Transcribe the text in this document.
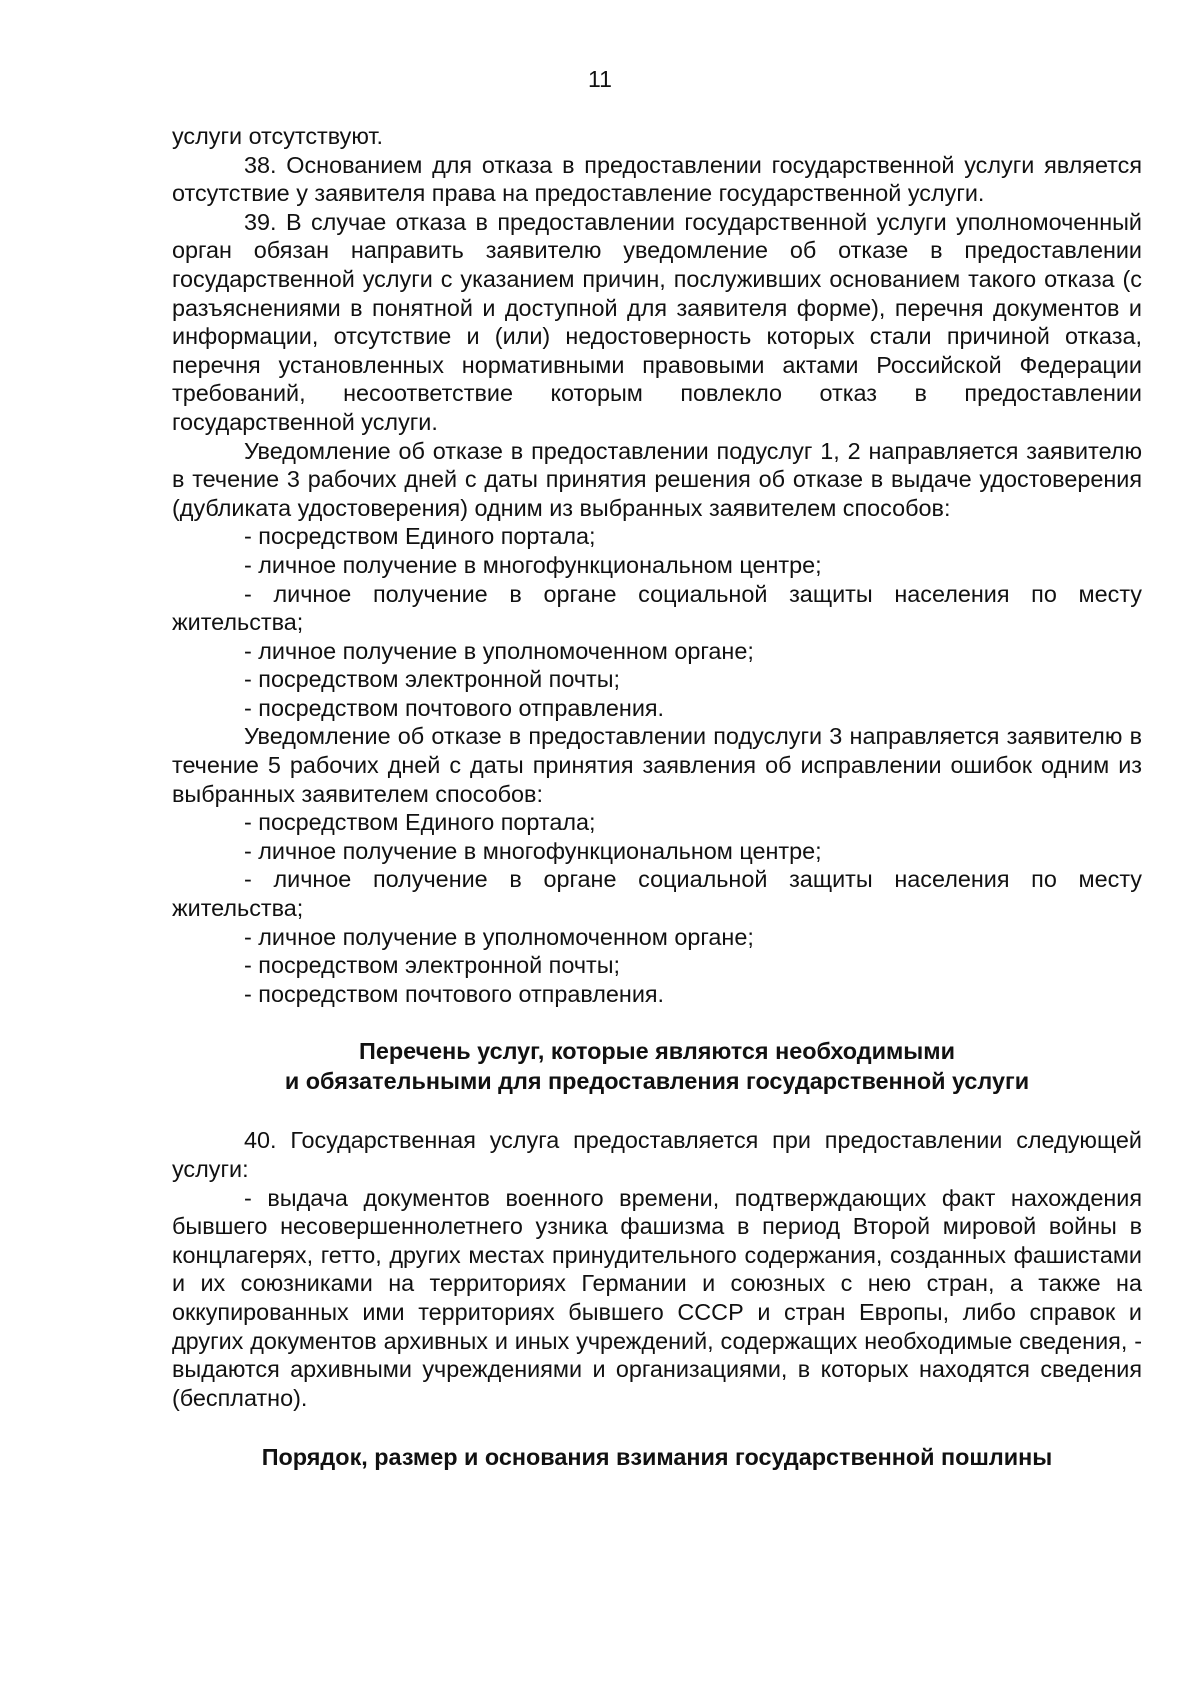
11

услуги отсутствуют.

38. Основанием для отказа в предоставлении государственной услуги является отсутствие у заявителя права на предоставление государственной услуги.

39. В случае отказа в предоставлении государственной услуги уполномоченный орган обязан направить заявителю уведомление об отказе в предоставлении государственной услуги с указанием причин, послуживших основанием такого отказа (с разъяснениями в понятной и доступной для заявителя форме), перечня документов и информации, отсутствие и (или) недостоверность которых стали причиной отказа, перечня установленных нормативными правовыми актами Российской Федерации требований, несоответствие которым повлекло отказ в предоставлении государственной услуги.

Уведомление об отказе в предоставлении подуслуг 1, 2 направляется заявителю в течение 3 рабочих дней с даты принятия решения об отказе в выдаче удостоверения (дубликата удостоверения) одним из выбранных заявителем способов:

- посредством Единого портала;

- личное получение в многофункциональном центре;

- личное получение в органе социальной защиты населения по месту жительства;

- личное получение в уполномоченном органе;

- посредством электронной почты;

- посредством почтового отправления.

Уведомление об отказе в предоставлении подуслуги 3 направляется заявителю в течение 5 рабочих дней с даты принятия заявления об исправлении ошибок одним из выбранных заявителем способов:

- посредством Единого портала;

- личное получение в многофункциональном центре;

- личное получение в органе социальной защиты населения по месту жительства;

- личное получение в уполномоченном органе;

- посредством электронной почты;

- посредством почтового отправления.

Перечень услуг, которые являются необходимыми
и обязательными для предоставления государственной услуги

40. Государственная услуга предоставляется при предоставлении следующей услуги:

- выдача документов военного времени, подтверждающих факт нахождения бывшего несовершеннолетнего узника фашизма в период Второй мировой войны в концлагерях, гетто, других местах принудительного содержания, созданных фашистами и их союзниками на территориях Германии и союзных с нею стран, а также на оккупированных ими территориях бывшего СССР и стран Европы, либо справок и других документов архивных и иных учреждений, содержащих необходимые сведения, - выдаются архивными учреждениями и организациями, в которых находятся сведения (бесплатно).

Порядок, размер и основания взимания государственной пошлины
